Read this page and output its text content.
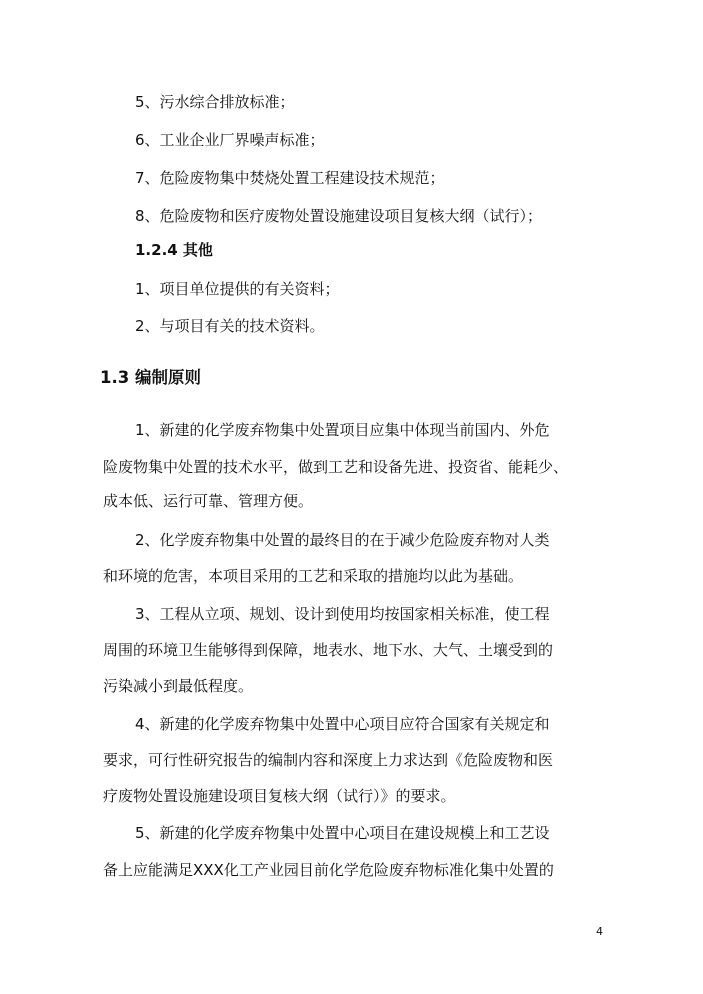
5、污水综合排放标准；
6、工业企业厂界噪声标准；
7、危险废物集中焚烧处置工程建设技术规范；
8、危险废物和医疗废物处置设施建设项目复核大纲（试行）；
1.2.4 其他
1、项目单位提供的有关资料；
2、与项目有关的技术资料。
1.3 编制原则
1、新建的化学废弃物集中处置项目应集中体现当前国内、外危
险废物集中处置的技术水平，做到工艺和设备先进、投资省、能耗少、
成本低、运行可靠、管理方便。
2、化学废弃物集中处置的最终目的在于减少危险废弃物对人类
和环境的危害，本项目采用的工艺和采取的措施均以此为基础。
3、工程从立项、规划、设计到使用均按国家相关标准，使工程
周围的环境卫生能够得到保障，地表水、地下水、大气、土壤受到的
污染减小到最低程度。
4、新建的化学废弃物集中处置中心项目应符合国家有关规定和
要求，可行性研究报告的编制内容和深度上力求达到《危险废物和医
疗废物处置设施建设项目复核大纲（试行）》的要求。
5、新建的化学废弃物集中处置中心项目在建设规模上和工艺设
备上应能满足XXX化工产业园目前化学危险废弃物标准化集中处置的
4
